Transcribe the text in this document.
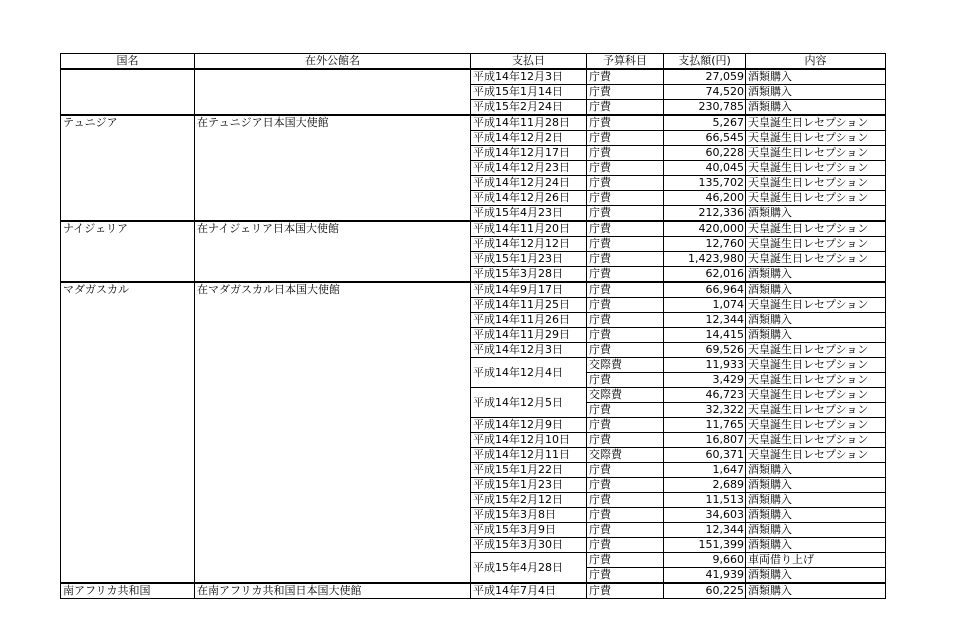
国名	在外公館名	支払日	予算科目	支払額(円)	内容
		平成14年12月3日	庁費	27,059	酒類購入
		平成15年1月14日	庁費	74,520	酒類購入
		平成15年2月24日	庁費	230,785	酒類購入
テュニジア	在テュニジア日本国大使館	平成14年11月28日	庁費	5,267	天皇誕生日レセプション
		平成14年12月2日	庁費	66,545	天皇誕生日レセプション
		平成14年12月17日	庁費	60,228	天皇誕生日レセプション
		平成14年12月23日	庁費	40,045	天皇誕生日レセプション
		平成14年12月24日	庁費	135,702	天皇誕生日レセプション
		平成14年12月26日	庁費	46,200	天皇誕生日レセプション
		平成15年4月23日	庁費	212,336	酒類購入
ナイジェリア	在ナイジェリア日本国大使館	平成14年11月20日	庁費	420,000	天皇誕生日レセプション
		平成14年12月12日	庁費	12,760	天皇誕生日レセプション
		平成15年1月23日	庁費	1,423,980	天皇誕生日レセプション
		平成15年3月28日	庁費	62,016	酒類購入
マダガスカル	在マダガスカル日本国大使館	平成14年9月17日	庁費	66,964	酒類購入
		平成14年11月25日	庁費	1,074	天皇誕生日レセプション
		平成14年11月26日	庁費	12,344	酒類購入
		平成14年11月29日	庁費	14,415	酒類購入
		平成14年12月3日	庁費	69,526	天皇誕生日レセプション
		平成14年12月4日	交際費	11,933	天皇誕生日レセプション
			庁費	3,429	天皇誕生日レセプション
		平成14年12月5日	交際費	46,723	天皇誕生日レセプション
			庁費	32,322	天皇誕生日レセプション
		平成14年12月9日	庁費	11,765	天皇誕生日レセプション
		平成14年12月10日	庁費	16,807	天皇誕生日レセプション
		平成14年12月11日	交際費	60,371	天皇誕生日レセプション
		平成15年1月22日	庁費	1,647	酒類購入
		平成15年1月23日	庁費	2,689	酒類購入
		平成15年2月12日	庁費	11,513	酒類購入
		平成15年3月8日	庁費	34,603	酒類購入
		平成15年3月9日	庁費	12,344	酒類購入
		平成15年3月30日	庁費	151,399	酒類購入
		平成15年4月28日	庁費	9,660	車両借り上げ
			庁費	41,939	酒類購入
南アフリカ共和国	在南アフリカ共和国日本国大使館	平成14年7月4日	庁費	60,225	酒類購入
